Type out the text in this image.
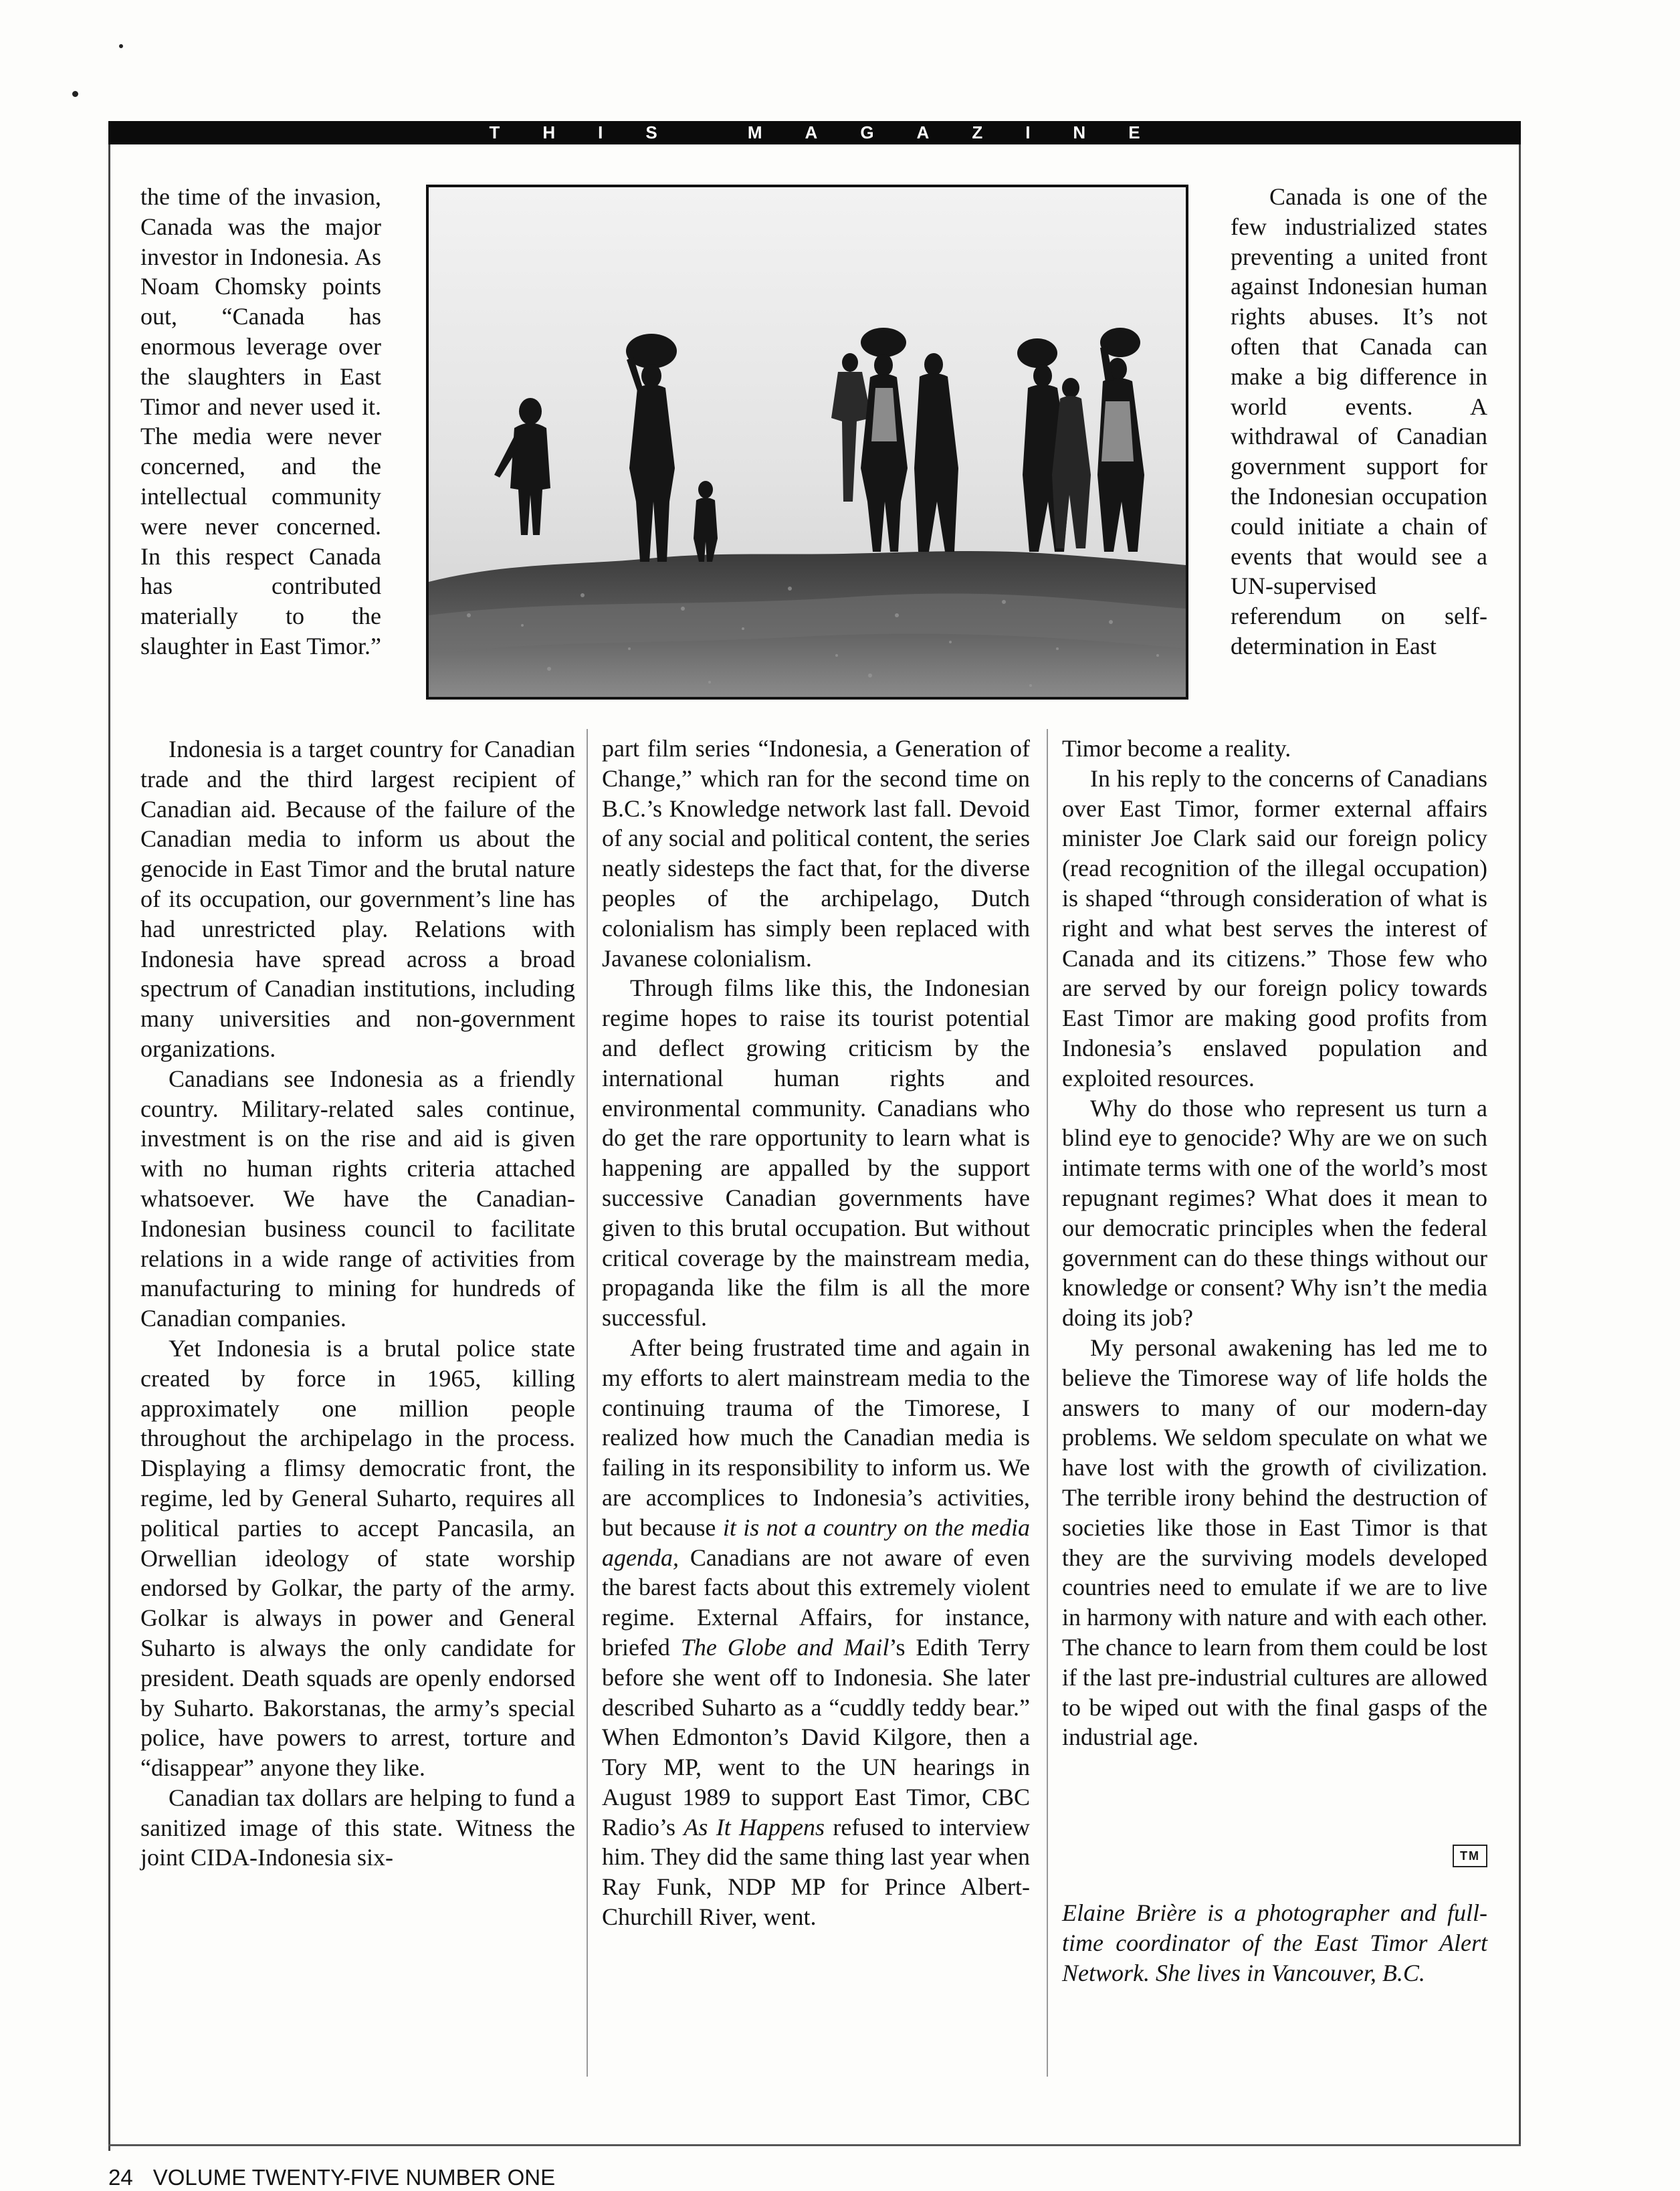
THIS MAGAZINE

the time of the invasion, Canada was the major investor in Indonesia. As Noam Chomsky points out, “Canada has enormous leverage over the slaughters in East Timor and never used it. The media were never concerned, and the intellectual community were never concerned. In this respect Canada has contributed materially to the slaughter in East Timor.”

Canada is one of the few industrialized states preventing a united front against Indonesian human rights abuses. It’s not often that Canada can make a big difference in world events. A withdrawal of Canadian government support for the Indonesian occupation could initiate a chain of events that would see a UN-supervised referendum on self-determination in East

Indonesia is a target country for Canadian trade and the third largest recipient of Canadian aid. Because of the failure of the Canadian media to inform us about the genocide in East Timor and the brutal nature of its occupation, our government’s line has had unrestricted play. Relations with Indonesia have spread across a broad spectrum of Canadian institutions, including many universities and non-government organizations.

Canadians see Indonesia as a friendly country. Military-related sales continue, investment is on the rise and aid is given with no human rights criteria attached whatsoever. We have the Canadian-Indonesian business council to facilitate relations in a wide range of activities from manufacturing to mining for hundreds of Canadian companies.

Yet Indonesia is a brutal police state created by force in 1965, killing approximately one million people throughout the archipelago in the process. Displaying a flimsy democratic front, the regime, led by General Suharto, requires all political parties to accept Pancasila, an Orwellian ideology of state worship endorsed by Golkar, the party of the army. Golkar is always in power and General Suharto is always the only candidate for president. Death squads are openly endorsed by Suharto. Bakorstanas, the army’s special police, have powers to arrest, torture and “disappear” anyone they like.

Canadian tax dollars are helping to fund a sanitized image of this state. Witness the joint CIDA-Indonesia six-

part film series “Indonesia, a Generation of Change,” which ran for the second time on B.C.’s Knowledge network last fall. Devoid of any social and political content, the series neatly sidesteps the fact that, for the diverse peoples of the archipelago, Dutch colonialism has simply been replaced with Javanese colonialism.

Through films like this, the Indonesian regime hopes to raise its tourist potential and deflect growing criticism by the international human rights and environmental community. Canadians who do get the rare opportunity to learn what is happening are appalled by the support successive Canadian governments have given to this brutal occupation. But without critical coverage by the mainstream media, propaganda like the film is all the more successful.

After being frustrated time and again in my efforts to alert mainstream media to the continuing trauma of the Timorese, I realized how much the Canadian media is failing in its responsibility to inform us. We are accomplices to Indonesia’s activities, but because it is not a country on the media agenda, Canadians are not aware of even the barest facts about this extremely violent regime. External Affairs, for instance, briefed The Globe and Mail’s Edith Terry before she went off to Indonesia. She later described Suharto as a “cuddly teddy bear.” When Edmonton’s David Kilgore, then a Tory MP, went to the UN hearings in August 1989 to support East Timor, CBC Radio’s As It Happens refused to interview him. They did the same thing last year when Ray Funk, NDP MP for Prince Albert-Churchill River, went.

Timor become a reality.

In his reply to the concerns of Canadians over East Timor, former external affairs minister Joe Clark said our foreign policy (read recognition of the illegal occupation) is shaped “through consideration of what is right and what best serves the interest of Canada and its citizens.” Those few who are served by our foreign policy towards East Timor are making good profits from Indonesia’s enslaved population and exploited resources.

Why do those who represent us turn a blind eye to genocide? Why are we on such intimate terms with one of the world’s most repugnant regimes? What does it mean to our democratic principles when the federal government can do these things without our knowledge or consent? Why isn’t the media doing its job?

My personal awakening has led me to believe the Timorese way of life holds the answers to many of our modern-day problems. We seldom speculate on what we have lost with the growth of civilization. The terrible irony behind the destruction of societies like those in East Timor is that they are the surviving models developed countries need to emulate if we are to live in harmony with nature and with each other. The chance to learn from them could be lost if the last pre-industrial cultures are allowed to be wiped out with the final gasps of the industrial age.

TM

Elaine Brière is a photographer and full-time coordinator of the East Timor Alert Network. She lives in Vancouver, B.C.

24 VOLUME TWENTY-FIVE NUMBER ONE
